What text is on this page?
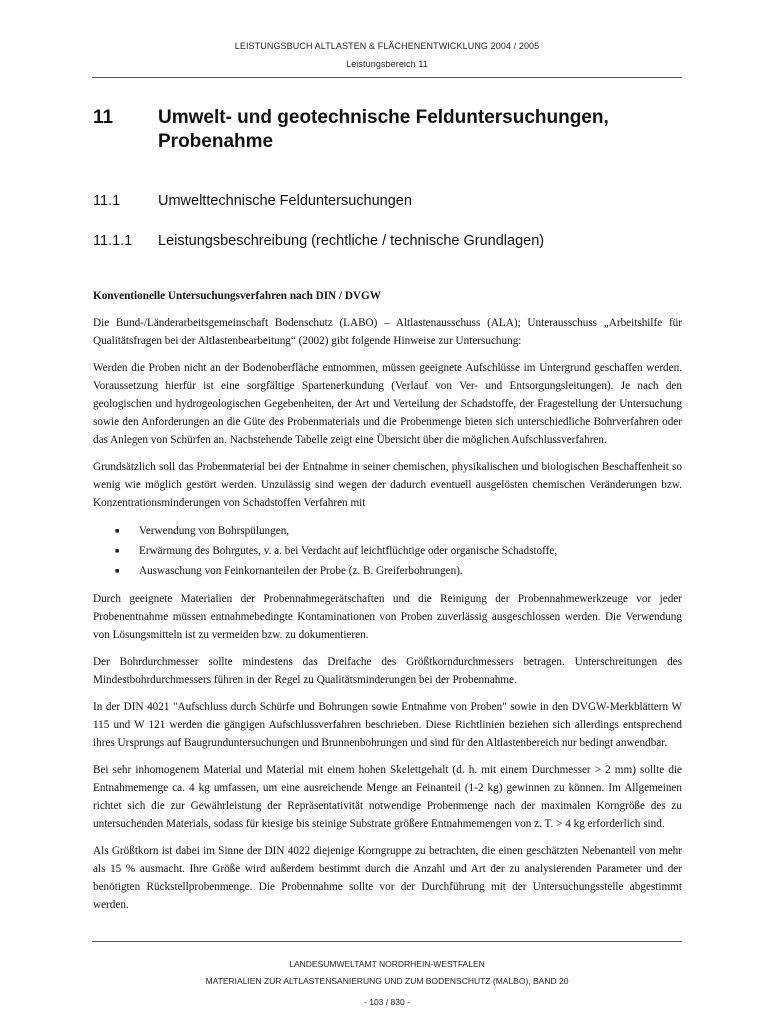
LEISTUNGSBUCH ALTLASTEN & FLÄCHENENTWICKLUNG 2004 / 2005
Leistungsbereich 11
11 Umwelt- und geotechnische Felduntersuchungen, Probenahme
11.1	Umwelttechnische Felduntersuchungen
11.1.1 Leistungsbeschreibung (rechtliche / technische Grundlagen)
Konventionelle Untersuchungsverfahren nach DIN / DVGW

Die Bund-/Länderarbeitsgemeinschaft Bodenschutz (LABO) – Altlastenausschuss (ALA); Unterausschuss „Arbeitshilfe für Qualitätsfragen bei der Altlastenbearbeitung“ (2002) gibt folgende Hinweise zur Untersuchung:

Werden die Proben nicht an der Bodenoberfläche entnommen, müssen geeignete Aufschlüsse im Untergrund geschaffen werden. Voraussetzung hierfür ist eine sorgfältige Spartenerkundung (Verlauf von Ver- und Entsorgungsleitungen). Je nach den geologischen und hydrogeologischen Gegebenheiten, der Art und Verteilung der Schadstoffe, der Fragestellung der Untersuchung sowie den Anforderungen an die Güte des Probenmaterials und die Probenmenge bieten sich unterschiedliche Bohrverfahren oder das Anlegen von Schürfen an. Nachstehende Tabelle zeigt eine Übersicht über die möglichen Aufschlussverfahren.

Grundsätzlich soll das Probenmaterial bei der Entnahme in seiner chemischen, physikalischen und biologischen Beschaffenheit so wenig wie möglich gestört werden. Unzulässig sind wegen der dadurch eventuell ausgelösten chemischen Veränderungen bzw. Konzentrationsminderungen von Schadstoffen Verfahren mit

■ Verwendung von Bohrspülungen,
■ Erwärmung des Bohrgutes, v. a. bei Verdacht auf leichtflüchtige oder organische Schadstoffe,
■ Auswaschung von Feinkornanteilen der Probe (z. B. Greiferbohrungen).

Durch geeignete Materialien der Probennahmegerätschaften und die Reinigung der Probennahmewerkzeuge vor jeder Probenentnahme müssen entnahmebedingte Kontaminationen von Proben zuverlässig ausgeschlossen werden. Die Verwendung von Lösungsmitteln ist zu vermeiden bzw. zu dokumentieren.

Der Bohrdurchmesser sollte mindestens das Dreifache des Größtkorndurchmessers betragen. Unterschreitungen des Mindestbohrdurchmessers führen in der Regel zu Qualitätsminderungen bei der Probennahme.

In der DIN 4021 "Aufschluss durch Schürfe und Bohrungen sowie Entnahme von Proben" sowie in den DVGW-Merkblättern W 115 und W 121 werden die gängigen Aufschlussverfahren beschrieben. Diese Richtlinien beziehen sich allerdings entsprechend ihres Ursprungs auf Baugrunduntersuchungen und Brunnenbohrungen und sind für den Altlastenbereich nur bedingt anwendbar.

Bei sehr inhomogenem Material und Material mit einem hohen Skelettgehalt (d. h. mit einem Durchmesser > 2 mm) sollte die Entnahmemenge ca. 4 kg umfassen, um eine ausreichende Menge an Feinanteil (1-2 kg) gewinnen zu können. Im Allgemeinen richtet sich die zur Gewährleistung der Repräsentativität notwendige Probenmenge nach der maximalen Korngröße des zu untersuchenden Materials, sodass für kiesige bis steinige Substrate größere Entnahmemengen von z. T. > 4 kg erforderlich sind.

Als Größtkorn ist dabei im Sinne der DIN 4022 diejenige Korngruppe zu betrachten, die einen geschätzten Nebenanteil von mehr als 15 % ausmacht. Ihre Größe wird außerdem bestimmt durch die Anzahl und Art der zu analysierenden Parameter und der benötigten Rückstellprobenmenge. Die Probennahme sollte vor der Durchführung mit der Untersuchungsstelle abgestimmt werden.

LANDESUMWELTAMT NORDRHEIN-WESTFALEN
MATERIALIEN ZUR ALTLASTENSANIERUNG UND ZUM BODENSCHUTZ (MALBO), BAND 20
- 103 / 830 -
